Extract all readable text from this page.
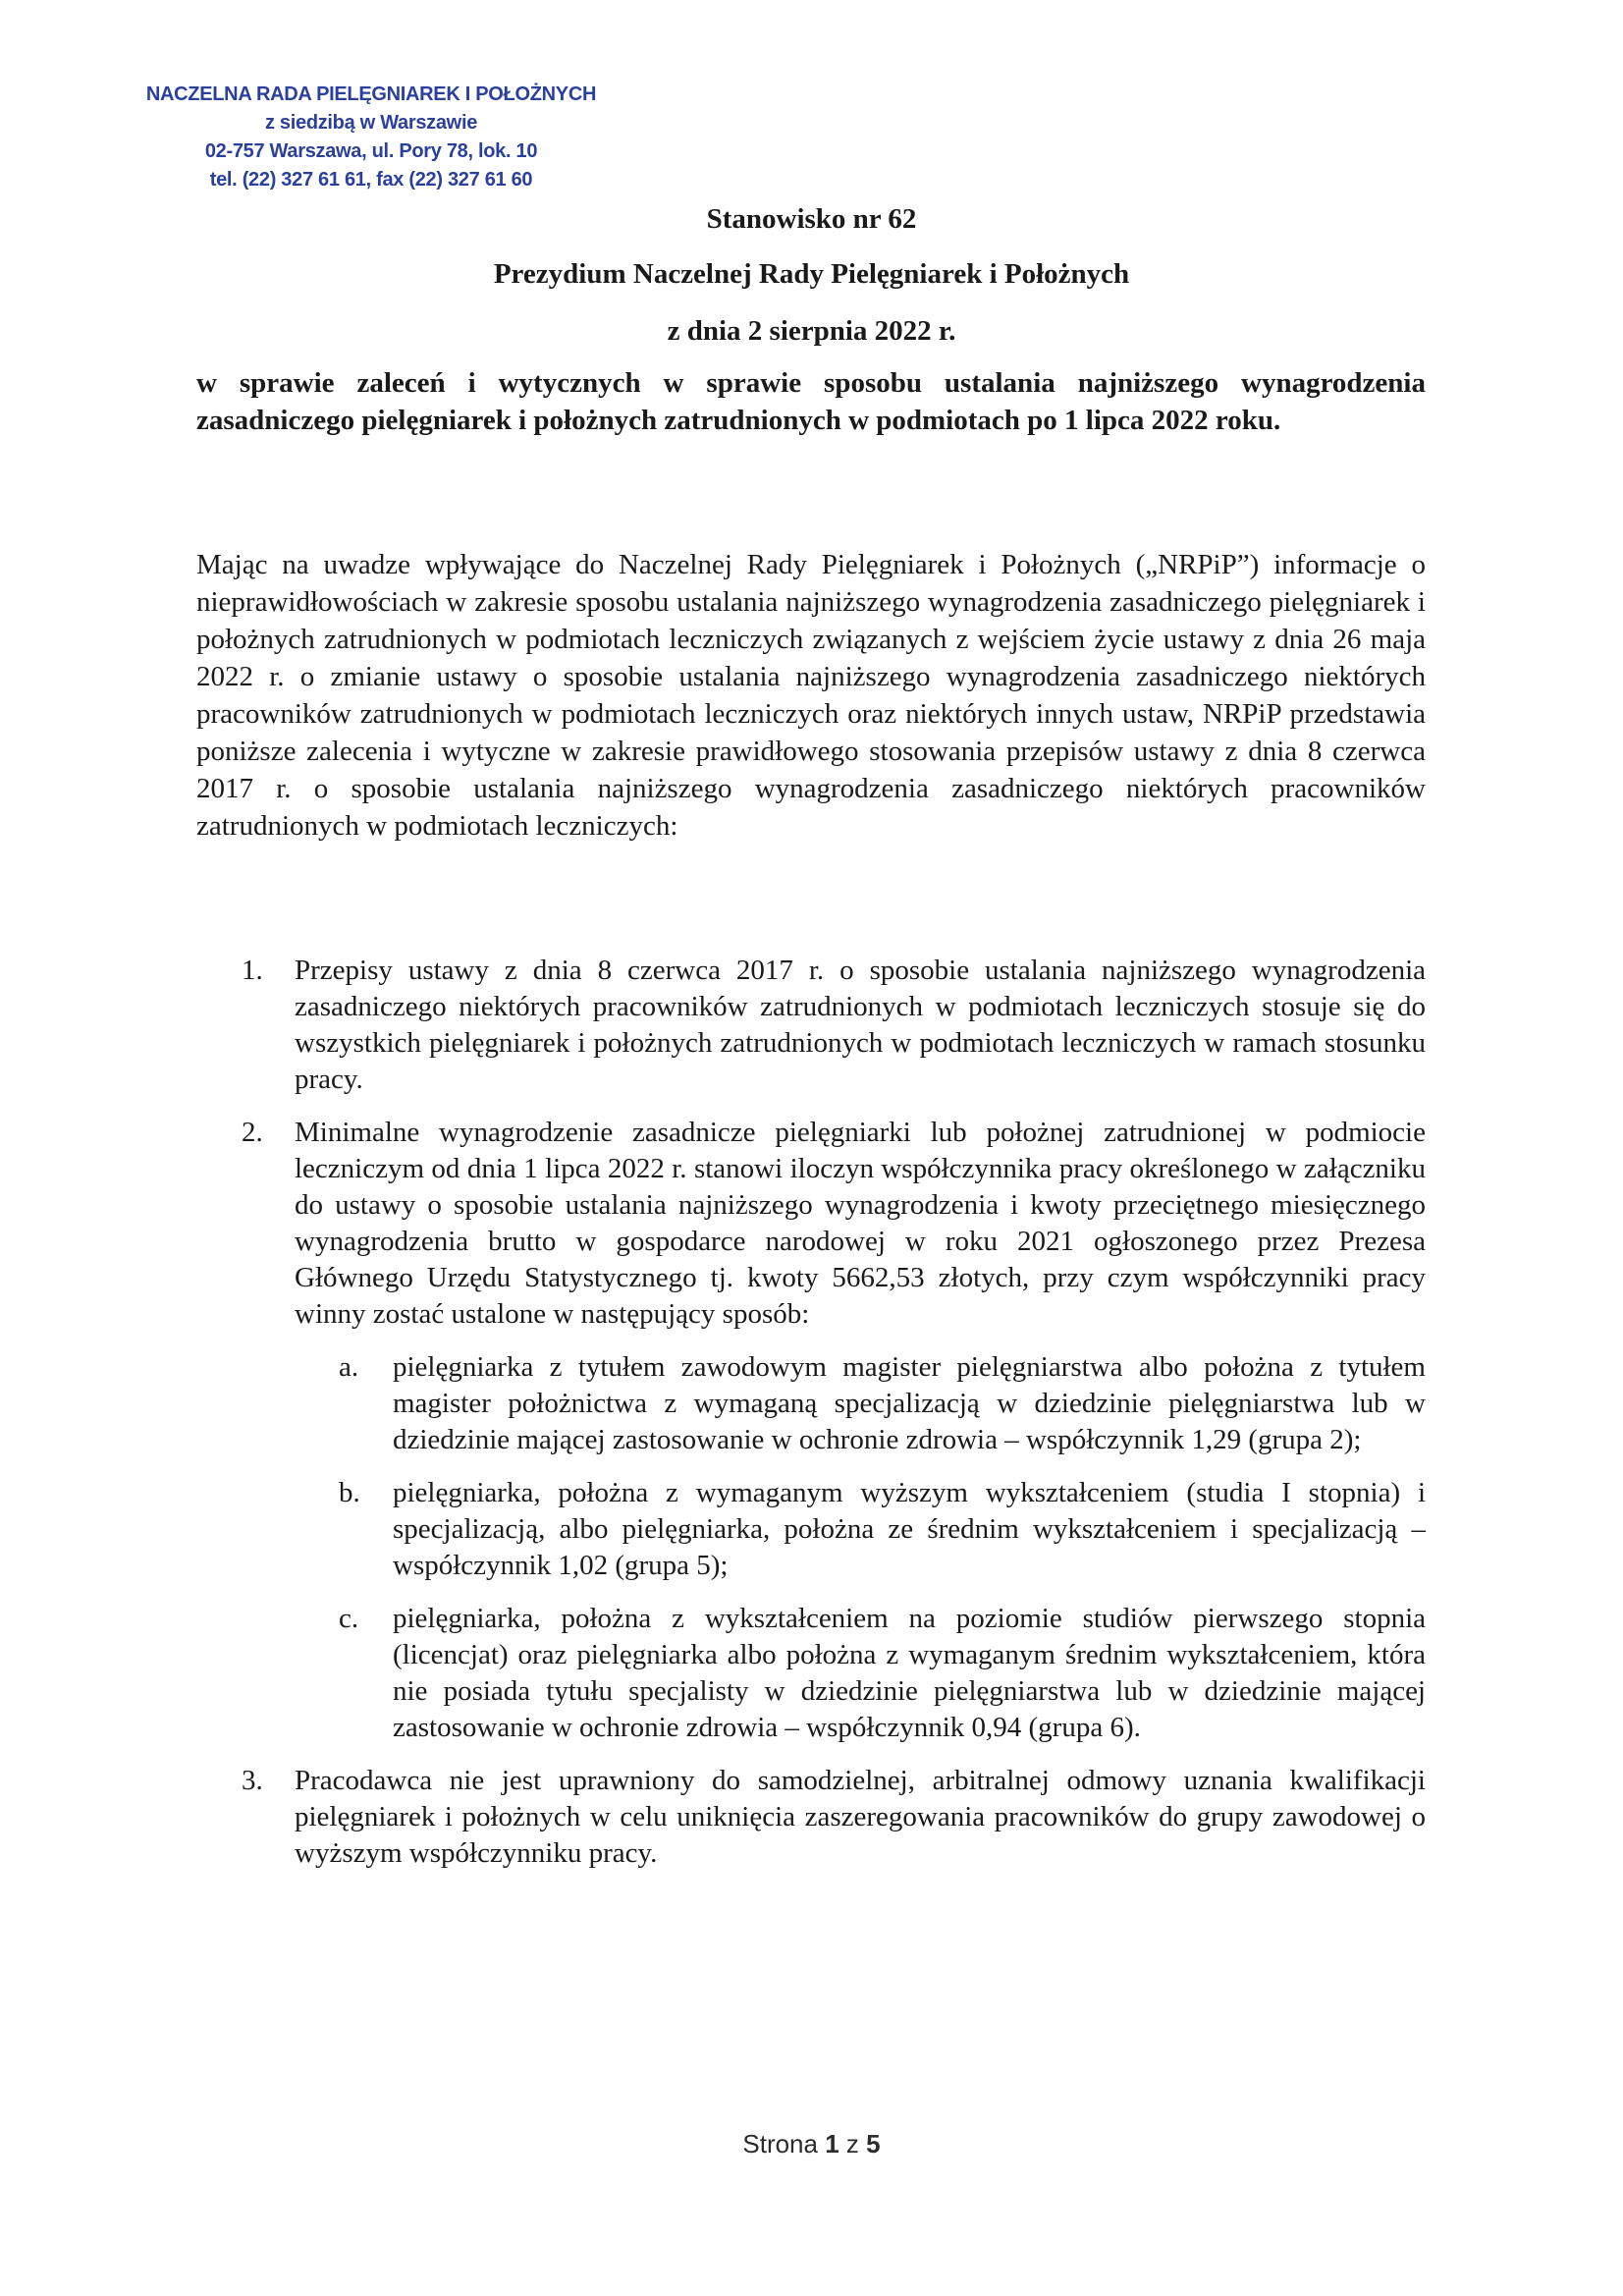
NACZELNA RADA PIELĘGNIAREK I POŁOŻNYCH
z siedzibą w Warszawie
02-757 Warszawa, ul. Pory 78, lok. 10
tel. (22) 327 61 61, fax (22) 327 61 60
Stanowisko nr 62
Prezydium Naczelnej Rady Pielęgniarek i Położnych
z dnia 2 sierpnia 2022 r.
w sprawie zaleceń i wytycznych w sprawie sposobu ustalania najniższego wynagrodzenia zasadniczego pielęgniarek i położnych zatrudnionych w podmiotach po 1 lipca 2022 roku.
Mając na uwadze wpływające do Naczelnej Rady Pielęgniarek i Położnych („NRPiP”) informacje o nieprawidłowościach w zakresie sposobu ustalania najniższego wynagrodzenia zasadniczego pielęgniarek i położnych zatrudnionych w podmiotach leczniczych związanych z wejściem życie ustawy z dnia 26 maja 2022 r. o zmianie ustawy o sposobie ustalania najniższego wynagrodzenia zasadniczego niektórych pracowników zatrudnionych w podmiotach leczniczych oraz niektórych innych ustaw, NRPiP przedstawia poniższe zalecenia i wytyczne w zakresie prawidłowego stosowania przepisów ustawy z dnia 8 czerwca 2017 r. o sposobie ustalania najniższego wynagrodzenia zasadniczego niektórych pracowników zatrudnionych w podmiotach leczniczych:
1. Przepisy ustawy z dnia 8 czerwca 2017 r. o sposobie ustalania najniższego wynagrodzenia zasadniczego niektórych pracowników zatrudnionych w podmiotach leczniczych stosuje się do wszystkich pielęgniarek i położnych zatrudnionych w podmiotach leczniczych w ramach stosunku pracy.
2. Minimalne wynagrodzenie zasadnicze pielęgniarki lub położnej zatrudnionej w podmiocie leczniczym od dnia 1 lipca 2022 r. stanowi iloczyn współczynnika pracy określonego w załączniku do ustawy o sposobie ustalania najniższego wynagrodzenia i kwoty przeciętnego miesięcznego wynagrodzenia brutto w gospodarce narodowej w roku 2021 ogłoszonego przez Prezesa Głównego Urzędu Statystycznego tj. kwoty 5662,53 złotych, przy czym współczynniki pracy winny zostać ustalone w następujący sposób:
a. pielęgniarka z tytułem zawodowym magister pielęgniarstwa albo położna z tytułem magister położnictwa z wymaganą specjalizacją w dziedzinie pielęgniarstwa lub w dziedzinie mającej zastosowanie w ochronie zdrowia – współczynnik 1,29 (grupa 2);
b. pielęgniarka, położna z wymaganym wyższym wykształceniem (studia I stopnia) i specjalizacją, albo pielęgniarka, położna ze średnim wykształceniem i specjalizacją – współczynnik 1,02 (grupa 5);
c. pielęgniarka, położna z wykształceniem na poziomie studiów pierwszego stopnia (licencjat) oraz pielęgniarka albo położna z wymaganym średnim wykształceniem, która nie posiada tytułu specjalisty w dziedzinie pielęgniarstwa lub w dziedzinie mającej zastosowanie w ochronie zdrowia – współczynnik 0,94 (grupa 6).
3. Pracodawca nie jest uprawniony do samodzielnej, arbitralnej odmowy uznania kwalifikacji pielęgniarek i położnych w celu uniknięcia zaszeregowania pracowników do grupy zawodowej o wyższym współczynniku pracy.
Strona 1 z 5
